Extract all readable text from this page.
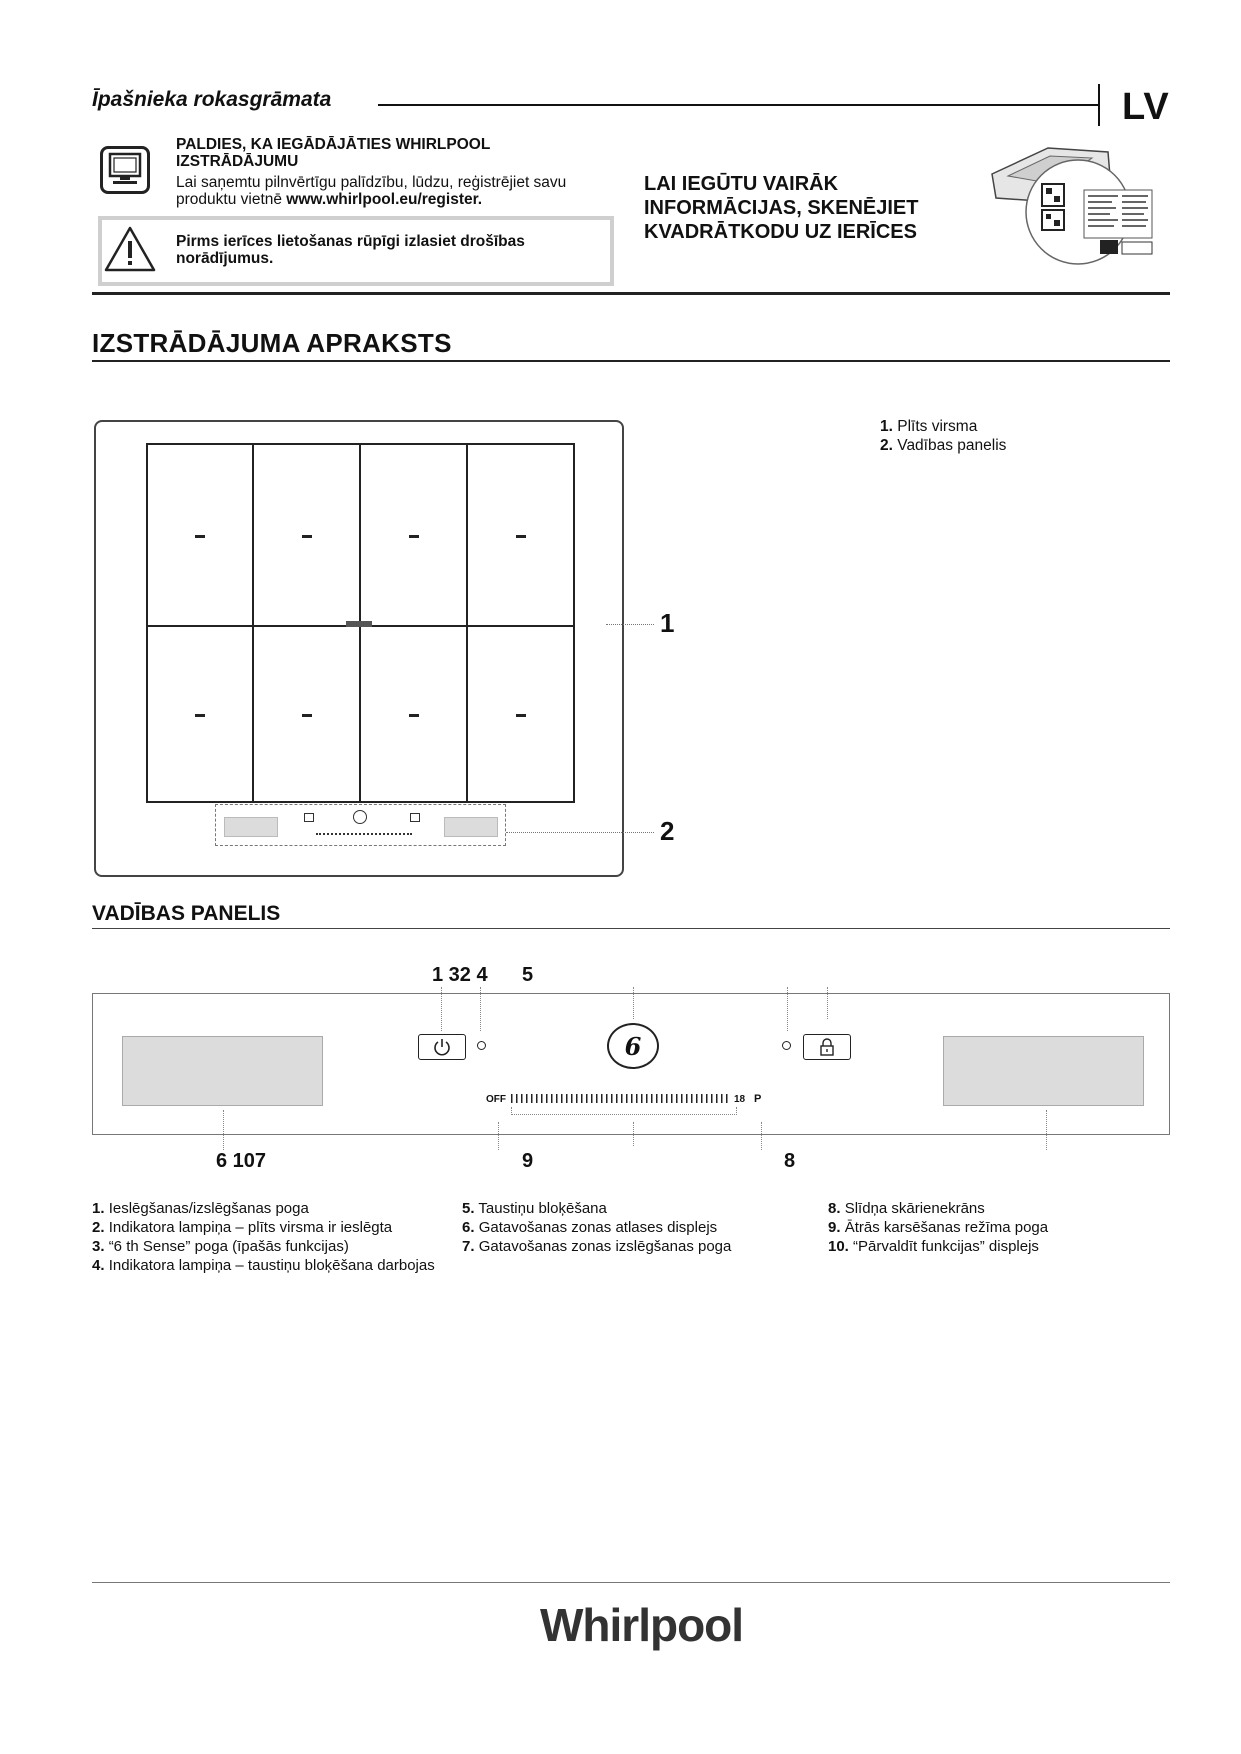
Īpašnieka rokasgrāmata	LV
PALDIES, KA IEGĀDĀJĀTIES WHIRLPOOL IZSTRĀDĀJUMU
Lai saņemtu pilnvērtīgu palīdzību, lūdzu, reģistrējiet savu produktu vietnē www.whirlpool.eu/register.
Pirms ierīces lietošanas rūpīgi izlasiet drošības norādījumus.
LAI IEGŪTU VAIRĀK INFORMĀCIJAS, SKENĒJIET KVADRĀTKODU UZ IERĪCES
IZSTRĀDĀJUMA APRAKSTS
1. Plīts virsma
2. Vadības panelis
1
2
VADĪBAS PANELIS
1 32 4 5
6
OFF	18 P
6 107	9	8
1. Ieslēgšanas/izslēgšanas poga
2. Indikatora lampiņa – plīts virsma ir ieslēgta
3. “6 th Sense” poga (īpašās funkcijas)
4. Indikatora lampiņa – taustiņu bloķēšana darbojas
5. Taustiņu bloķēšana
6. Gatavošanas zonas atlases displejs
7. Gatavošanas zonas izslēgšanas poga
8. Slīdņa skārienekrāns
9. Ātrās karsēšanas režīma poga
10. “Pārvaldīt funkcijas” displejs
Whirlpool
